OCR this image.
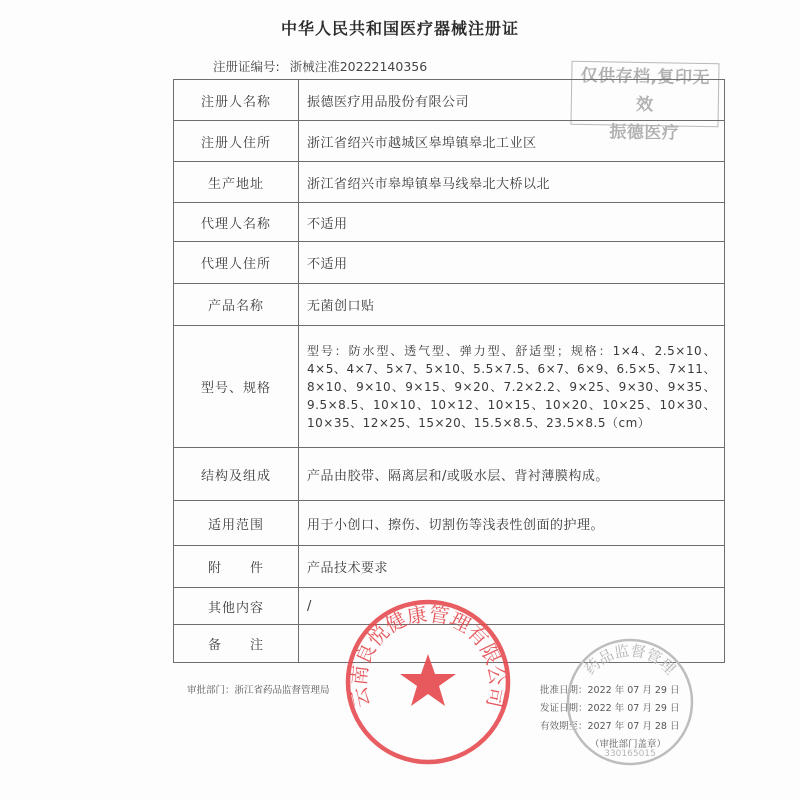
中华人民共和国医疗器械注册证
注册证编号: 浙械注准20222140356	仅供存档,复印无效
振德医疗
注册人名称	振德医疗用品股份有限公司
注册人住所	浙江省绍兴市越城区皋埠镇皋北工业区
生产地址	浙江省绍兴市皋埠镇皋马线皋北大桥以北
代理人名称	不适用
代理人住所	不适用
产品名称	无菌创口贴
型号、规格	型号：防水型、透气型、弹力型、舒适型；规格：1×4、2.5×10、4×5、4×7、5×7、5×10、5.5×7.5、6×7、6×9、6.5×5、7×11、8×10、9×10、9×15、9×20、7.2×2.2、9×25、9×30、9×35、9.5×8.5、10×10、10×12、10×15、10×20、10×25、10×30、10×35、12×25、15×20、15.5×8.5、23.5×8.5（cm）
结构及组成	产品由胶带、隔离层和/或吸水层、背衬薄膜构成。
适用范围	用于小创口、擦伤、切割伤等浅表性创面的护理。
附　　件	产品技术要求
其他内容	/
备　　注	
审批部门：浙江省药品监督管理局	批准日期：2022 年 07 月 29 日
发证日期：2022 年 07 月 29 日
有效期至：2027 年 07 月 28 日
（审批部门盖章）
药品监督管理
330165015
云南良悦健康管理有限公司
